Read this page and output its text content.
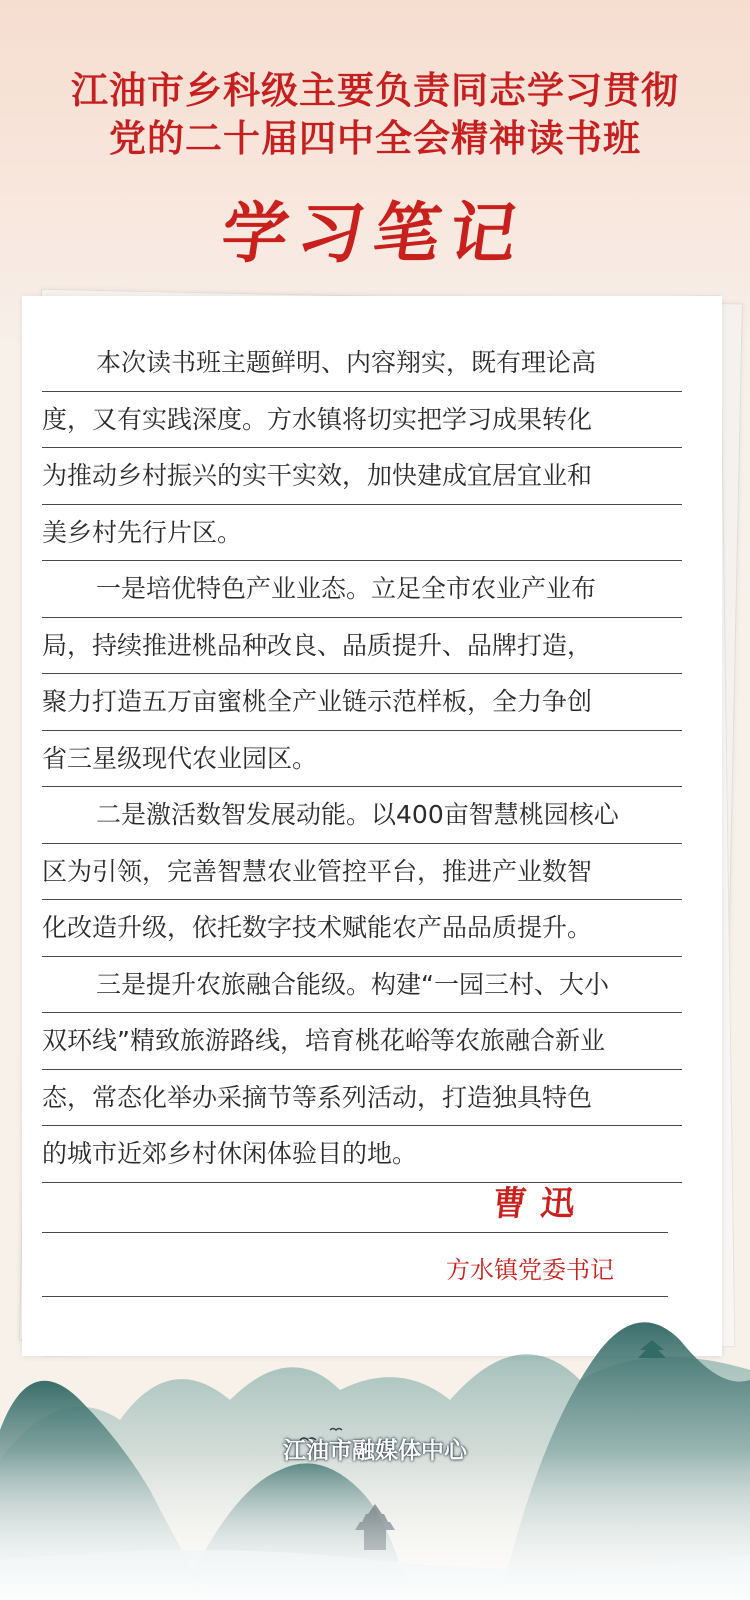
江油市乡科级主要负责同志学习贯彻
党的二十届四中全会精神读书班
学习笔记
本次读书班主题鲜明、内容翔实，既有理论高
度，又有实践深度。方水镇将切实把学习成果转化
为推动乡村振兴的实干实效，加快建成宜居宜业和
美乡村先行片区。
一是培优特色产业业态。立足全市农业产业布
局，持续推进桃品种改良、品质提升、品牌打造，
聚力打造五万亩蜜桃全产业链示范样板，全力争创
省三星级现代农业园区。
二是激活数智发展动能。以400亩智慧桃园核心
区为引领，完善智慧农业管控平台，推进产业数智
化改造升级，依托数字技术赋能农产品品质提升。
三是提升农旅融合能级。构建“一园三村、大小
双环线”精致旅游路线，培育桃花峪等农旅融合新业
态，常态化举办采摘节等系列活动，打造独具特色
的城市近郊乡村休闲体验目的地。
曹迅
方水镇党委书记
江油市融媒体中心
